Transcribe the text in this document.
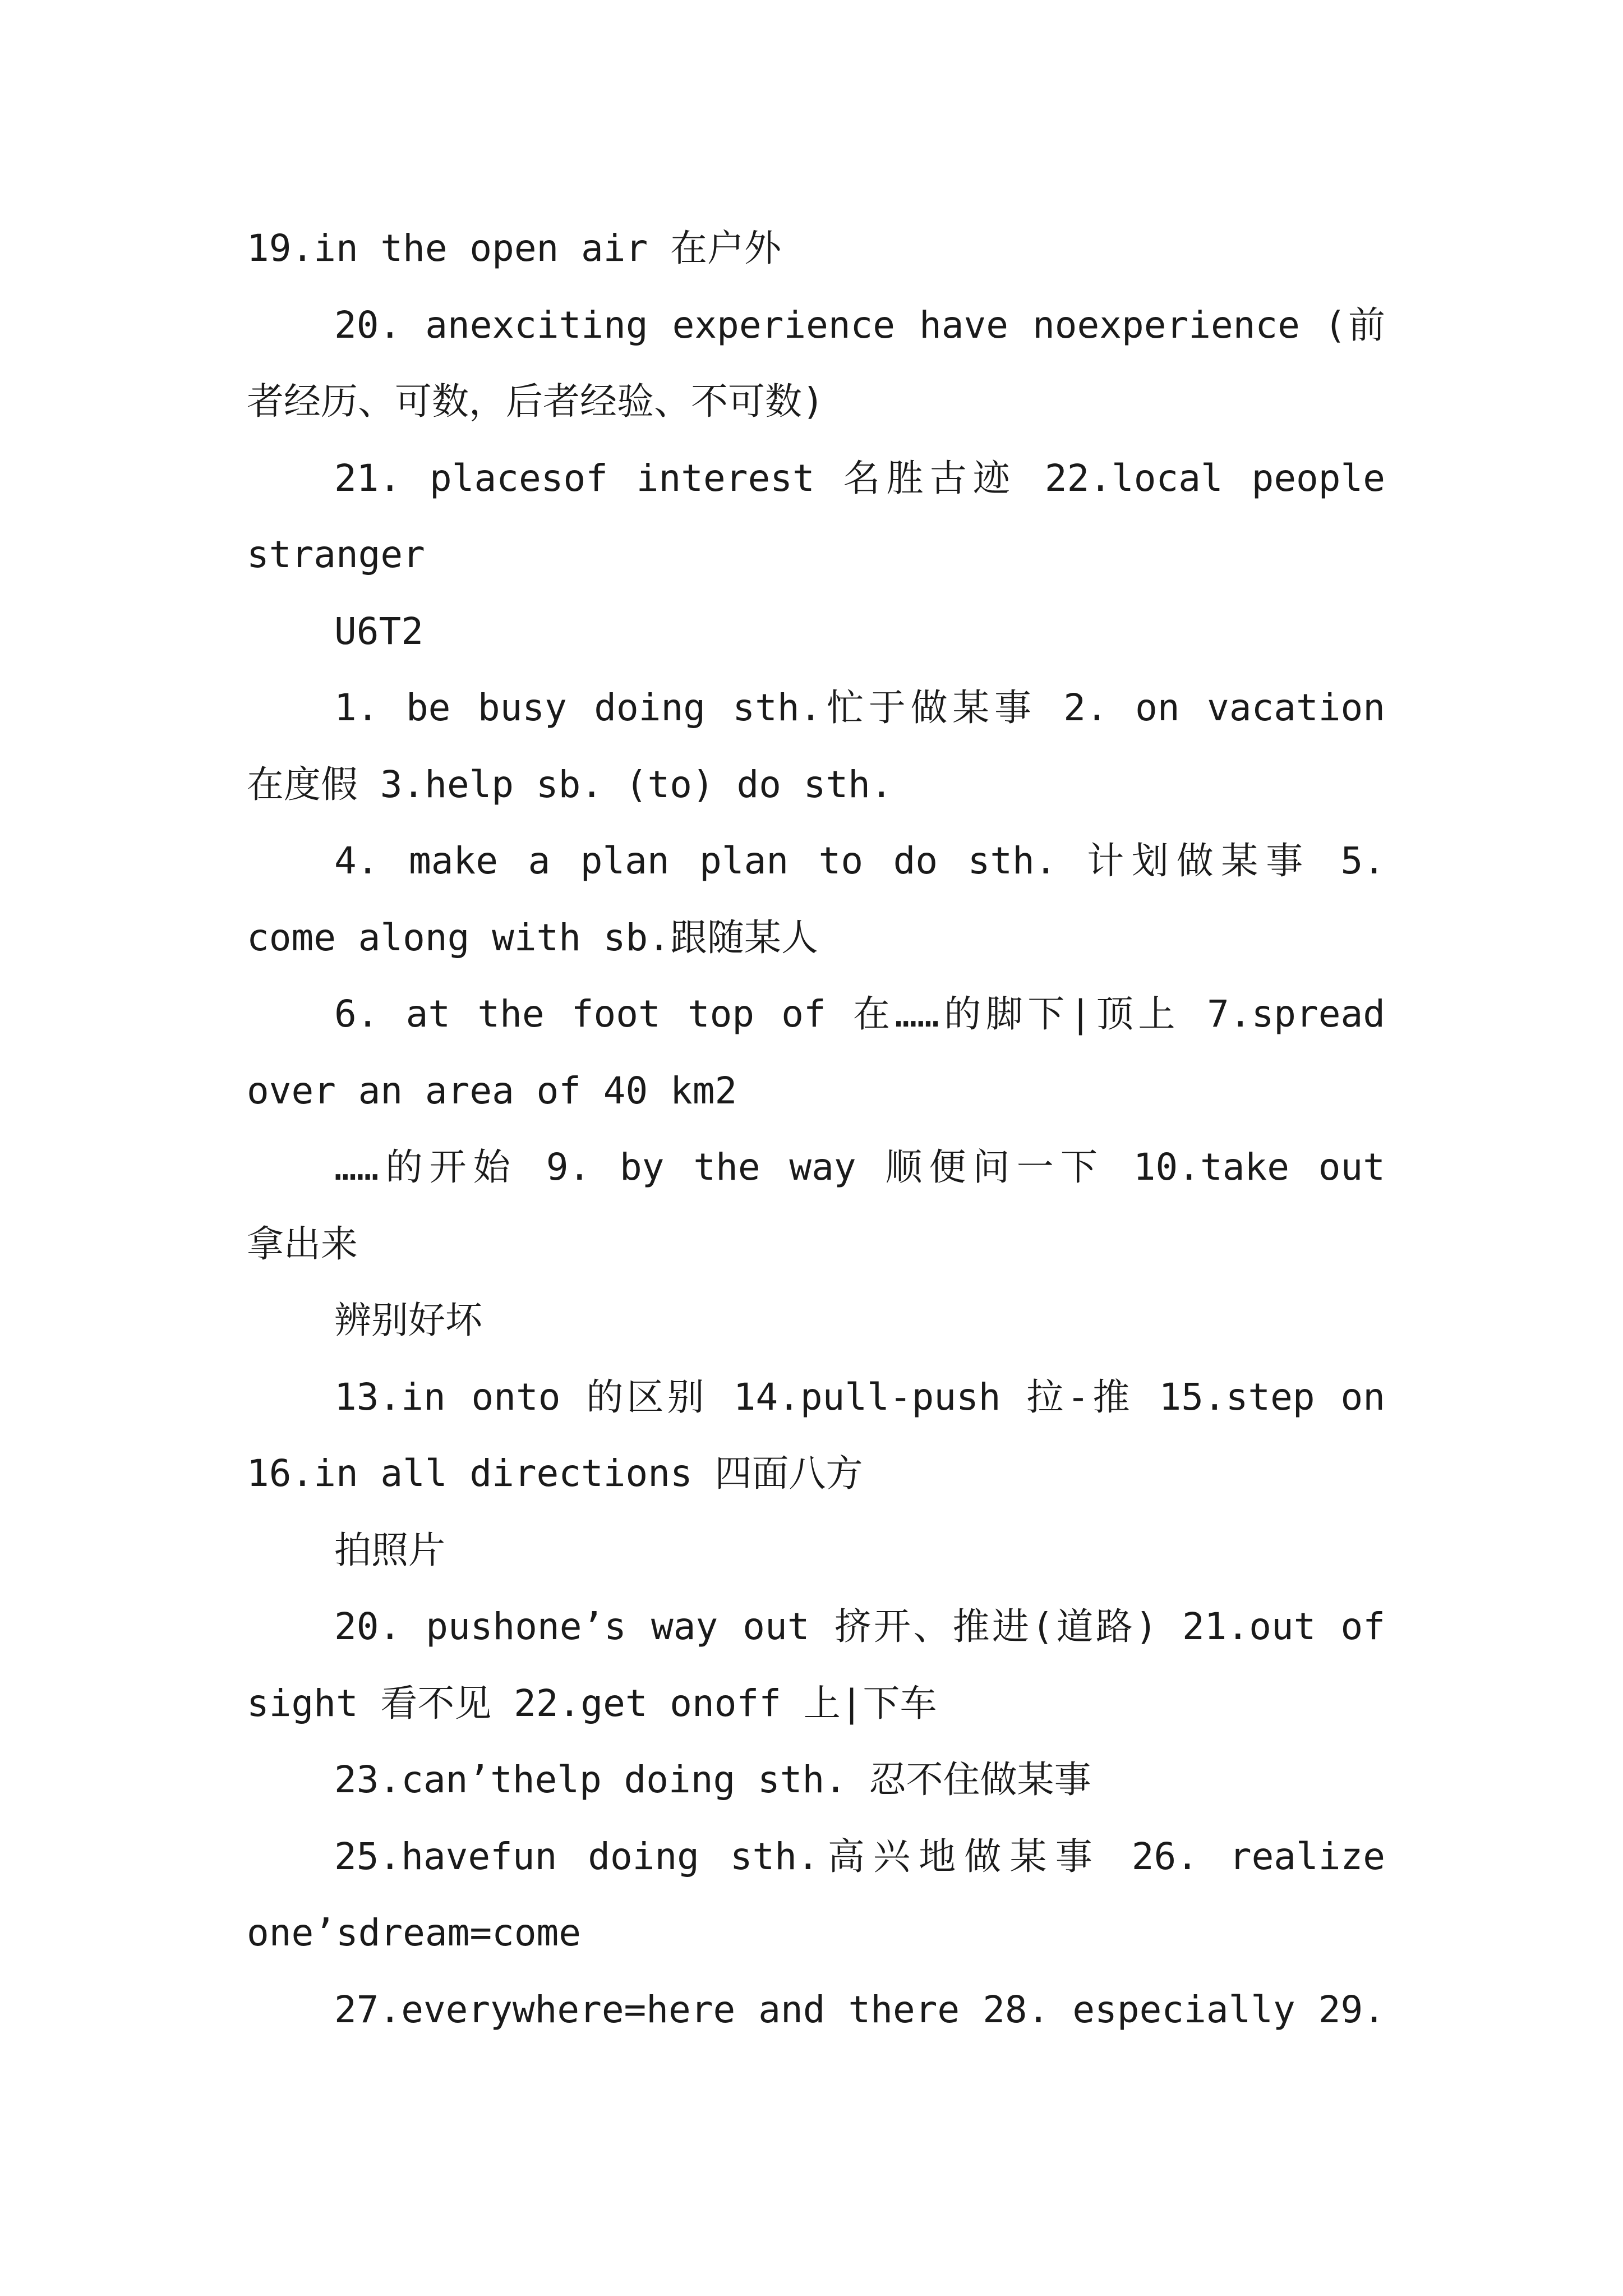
19.in the open air 在户外
20. anexciting experience have noexperience (前
者经历、可数，后者经验、不可数)
21. placesof interest 名胜古迹 22.local people
stranger
U6T2
1. be busy doing sth.忙于做某事 2. on vacation
在度假 3.help sb. (to) do sth.
4. make a plan plan to do sth. 计划做某事 5.
come along with sb.跟随某人
6. at the foot top of 在……的脚下|顶上 7.spread
over an area of 40 km2
……的开始 9. by the way 顺便问一下 10.take out
拿出来
辨别好坏
13.in onto 的区别 14.pull-push 拉-推 15.step on
16.in all directions 四面八方
拍照片
20. pushone’s way out 挤开、推进(道路) 21.out of
sight 看不见 22.get onoff 上|下车
23.can’thelp doing sth. 忍不住做某事
25.havefun doing sth.高兴地做某事 26. realize
one’sdream=come
27.everywhere=here and there 28. especially 29.
